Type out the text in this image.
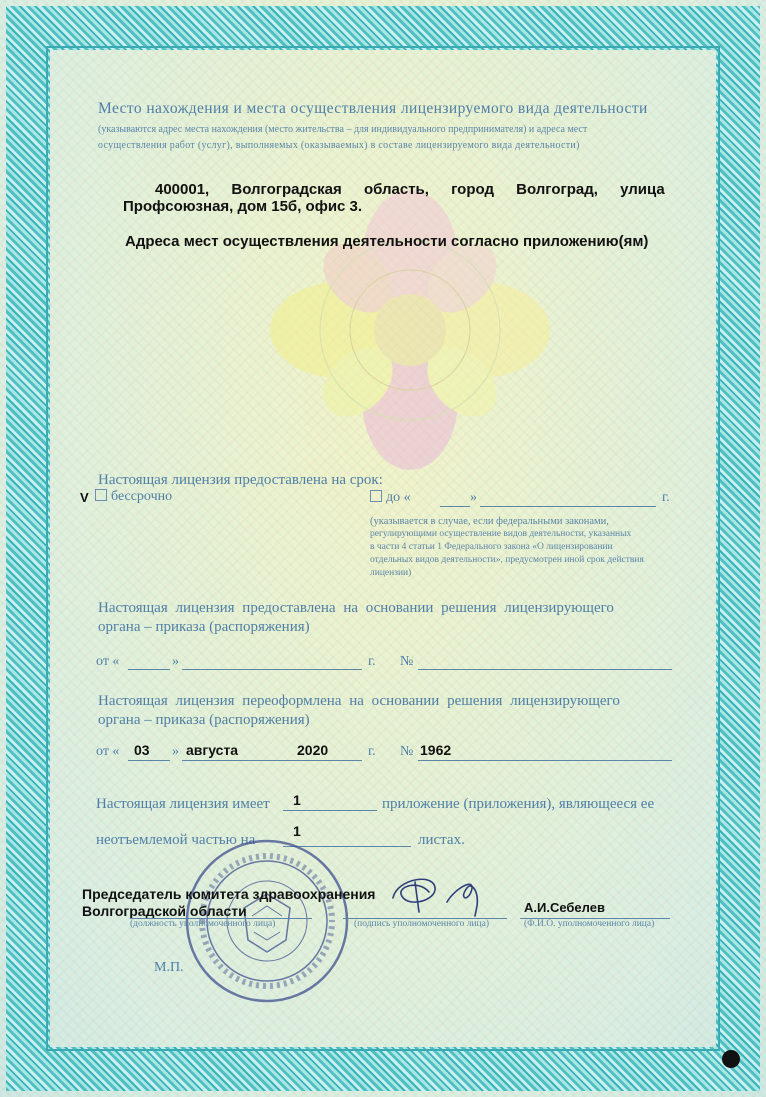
Место нахождения и места осуществления лицензируемого вида деятельности
(указываются адрес места нахождения (место жительства – для индивидуального предпринимателя) и адреса мест
осуществления работ (услуг), выполняемых (оказываемых) в составе лицензируемого вида деятельности)
400001, Волгоградская область, город Волгоград, улица
Профсоюзная, дом 15б, офис 3.
Адреса мест осуществления деятельности согласно приложению(ям)
Настоящая лицензия предоставлена на срок:
V	бессрочно	до «	»	г.
(указывается в случае, если федеральными законами,
регулирующими осуществление видов деятельности, указанных
в части 4 статьи 1 Федерального закона «О лицензировании
отдельных видов деятельности», предусмотрен иной срок действия
лицензии)
Настоящая лицензия предоставлена на основании решения лицензирующего
органа – приказа (распоряжения)
от «	»	г. №
Настоящая лицензия переоформлена на основании решения лицензирующего
органа – приказа (распоряжения)
от « 03 » августа	2020	г. № 1962
Настоящая лицензия имеет 1	приложение (приложения), являющееся ее
неотъемлемой частью на
1
листах.
Председатель комитета здравоохранения
Волгоградской области
(должность уполномоченного лица)	(подпись уполномоченного лица)
А.И.Себелев
(Ф.И.О. уполномоченного лица)
М.П.
